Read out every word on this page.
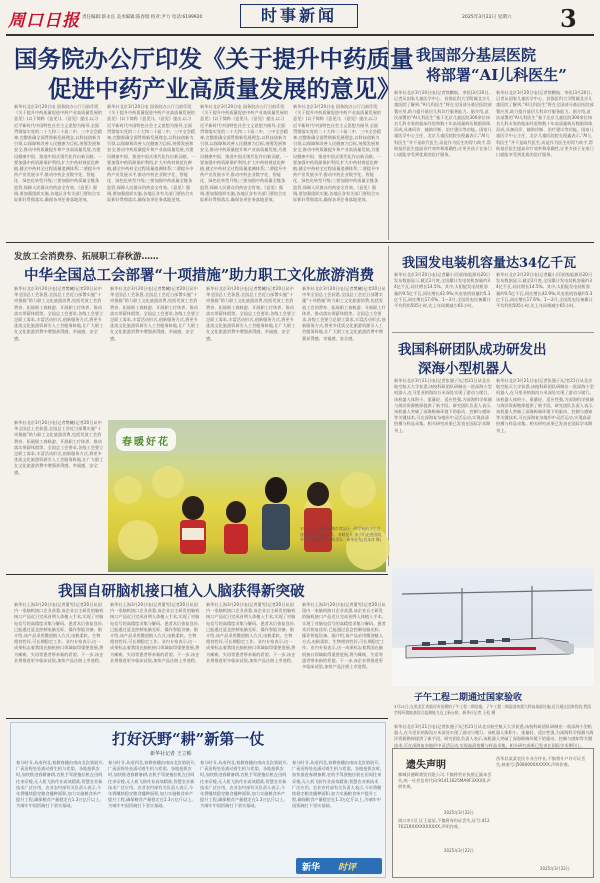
周口日报 责任编辑:蔡永良 美术编辑:陈春瑞 校对:尹力 电话:6199920	时事新闻	2025年3月22日 星期六 3
国务院办公厅印发《关于提升中药质量
促进中药产业高质量发展的意见》
新华社北京3月20日电 国务院办公厅日前印发《关于提升中药质量促进中药产业高质量发展的意见》(以下简称《意见》)。《意见》提出,以习近平新时代中国特色社会主义思想为指导,全面贯彻落实党的二十大和二十届二中、三中全会精神,完整准确全面贯彻新发展理念,以科技创新为引领,以保障和改善人民健康为目标,统筹发展和安全,推动中药质量提升和产业高质量发展,为建设健康中国、推进中国式现代化作出新贡献。一要加强中药资源保护利用,扩大中药材规范化种植,健全中药材全过程质量追溯体系;二要提升中药产业发展水平,推动中药企业数字化、智能化、绿色化转型升级;三要加强中药质量全链条监管,保障人民群众用药安全有效。《意见》强调,要加强组织实施,各地区各有关部门要结合实际抓好贯彻落实,确保各项任务落地见效。
新华社北京3月20日电 国务院办公厅日前印发《关于提升中药质量促进中药产业高质量发展的意见》(以下简称《意见》)。《意见》提出,以习近平新时代中国特色社会主义思想为指导,全面贯彻落实党的二十大和二十届二中、三中全会精神,完整准确全面贯彻新发展理念,以科技创新为引领,以保障和改善人民健康为目标,统筹发展和安全,推动中药质量提升和产业高质量发展,为建设健康中国、推进中国式现代化作出新贡献。一要加强中药资源保护利用,扩大中药材规范化种植,健全中药材全过程质量追溯体系;二要提升中药产业发展水平,推动中药企业数字化、智能化、绿色化转型升级;三要加强中药质量全链条监管,保障人民群众用药安全有效。《意见》强调,要加强组织实施,各地区各有关部门要结合实际抓好贯彻落实,确保各项任务落地见效。
新华社北京3月20日电 国务院办公厅日前印发《关于提升中药质量促进中药产业高质量发展的意见》(以下简称《意见》)。《意见》提出,以习近平新时代中国特色社会主义思想为指导,全面贯彻落实党的二十大和二十届二中、三中全会精神,完整准确全面贯彻新发展理念,以科技创新为引领,以保障和改善人民健康为目标,统筹发展和安全,推动中药质量提升和产业高质量发展,为建设健康中国、推进中国式现代化作出新贡献。一要加强中药资源保护利用,扩大中药材规范化种植,健全中药材全过程质量追溯体系;二要提升中药产业发展水平,推动中药企业数字化、智能化、绿色化转型升级;三要加强中药质量全链条监管,保障人民群众用药安全有效。《意见》强调,要加强组织实施,各地区各有关部门要结合实际抓好贯彻落实,确保各项任务落地见效。
新华社北京3月20日电 国务院办公厅日前印发《关于提升中药质量促进中药产业高质量发展的意见》(以下简称《意见》)。《意见》提出,以习近平新时代中国特色社会主义思想为指导,全面贯彻落实党的二十大和二十届二中、三中全会精神,完整准确全面贯彻新发展理念,以科技创新为引领,以保障和改善人民健康为目标,统筹发展和安全,推动中药质量提升和产业高质量发展,为建设健康中国、推进中国式现代化作出新贡献。一要加强中药资源保护利用,扩大中药材规范化种植,健全中药材全过程质量追溯体系;二要提升中药产业发展水平,推动中药企业数字化、智能化、绿色化转型升级;三要加强中药质量全链条监管,保障人民群众用药安全有效。《意见》强调,要加强组织实施,各地区各有关部门要结合实际抓好贯彻落实,确保各项任务落地见效。
我国部分基层医院
将部署“AI儿科医生”
新华社北京3月20日电(记者徐鹏航、李恒)3月20日,记者从国家儿童医学中心、首都医科大学附属北京儿童医院了解到,“AI儿科医生”将在全国部分基层医院部署应用,助力提升基层儿科诊疗服务能力。据介绍,此次部署的“AI儿科医生”基于北京儿童医院300余位知名儿科专家的临床经验和数十年高质量病历数据训练而成,具备问诊、辅助诊断、治疗建议等功能。国家儿童医学中心主任、北京儿童医院院长倪鑫表示,“AI儿科医生”并不是取代医生,而是作为医生的得力助手,帮助基层医生提高诊疗效率和准确性,让更多孩子在家门口就能享受到优质的医疗服务。
新华社北京3月20日电(记者徐鹏航、李恒)3月20日,记者从国家儿童医学中心、首都医科大学附属北京儿童医院了解到,“AI儿科医生”将在全国部分基层医院部署应用,助力提升基层儿科诊疗服务能力。据介绍,此次部署的“AI儿科医生”基于北京儿童医院300余位知名儿科专家的临床经验和数十年高质量病历数据训练而成,具备问诊、辅助诊断、治疗建议等功能。国家儿童医学中心主任、北京儿童医院院长倪鑫表示,“AI儿科医生”并不是取代医生,而是作为医生的得力助手,帮助基层医生提高诊疗效率和准确性,让更多孩子在家门口就能享受到优质的医疗服务。
发放工会消费券、拓展职工春秋游……
中华全国总工会部署“十项措施”助力职工文化旅游消费
新华社北京3月20日电(记者樊曦)记者20日从中华全国总工会获悉,全国总工会近日部署实施“十项措施”助力职工文化旅游消费,包括发放工会消费券、拓展职工春秋游、开展职工疗休养、推动落实带薪休假等。全国总工会要求,各级工会要立足职工需求,丰富活动形式,创新服务方式,将更多优质文化旅游资源引入工会服务阵地,让广大职工在文化旅游消费中增强获得感、幸福感、安全感。
新华社北京3月20日电(记者樊曦)记者20日从中华全国总工会获悉,全国总工会近日部署实施“十项措施”助力职工文化旅游消费,包括发放工会消费券、拓展职工春秋游、开展职工疗休养、推动落实带薪休假等。全国总工会要求,各级工会要立足职工需求,丰富活动形式,创新服务方式,将更多优质文化旅游资源引入工会服务阵地,让广大职工在文化旅游消费中增强获得感、幸福感、安全感。
新华社北京3月20日电(记者樊曦)记者20日从中华全国总工会获悉,全国总工会近日部署实施“十项措施”助力职工文化旅游消费,包括发放工会消费券、拓展职工春秋游、开展职工疗休养、推动落实带薪休假等。全国总工会要求,各级工会要立足职工需求,丰富活动形式,创新服务方式,将更多优质文化旅游资源引入工会服务阵地,让广大职工在文化旅游消费中增强获得感、幸福感、安全感。
新华社北京3月20日电(记者樊曦)记者20日从中华全国总工会获悉,全国总工会近日部署实施“十项措施”助力职工文化旅游消费,包括发放工会消费券、拓展职工春秋游、开展职工疗休养、推动落实带薪休假等。全国总工会要求,各级工会要立足职工需求,丰富活动形式,创新服务方式,将更多优质文化旅游资源引入工会服务阵地,让广大职工在文化旅游消费中增强获得感、幸福感、安全感。
我国发电装机容量达34亿千瓦
新华社北京3月20日电(记者戴小河)国家能源局20日发布数据显示,截至2月底,全国累计发电装机容量约34亿千瓦,同比增长14.5%。其中,太阳能发电装机容量约9.5亿千瓦,同比增长42.9%;风电装机容量约5.3亿千瓦,同比增长17.6%。1—2月,全国发电设备累计平均利用505小时,比上年同期减少65小时。
新华社北京3月20日电(记者戴小河)国家能源局20日发布数据显示,截至2月底,全国累计发电装机容量约34亿千瓦,同比增长14.5%。其中,太阳能发电装机容量约9.5亿千瓦,同比增长42.9%;风电装机容量约5.3亿千瓦,同比增长17.6%。1—2月,全国发电设备累计平均利用505小时,比上年同期减少65小时。
我国科研团队成功研发出
深海小型机器人
新华社北京3月21日电(记者张漫子)记者21日从北京航空航天大学获悉,该校科研团队研制出一款深海小型机器人,在马里亚纳海沟万米深处实现了游动与爬行。该机器人体积小、重量轻、适应性强,为深海科学探测与海洋资源勘探提供了新手段。研究团队负责人表示,该机器人突破了深海极端环境下的驱动、控制与感知等关键技术,可在深海复杂地形中灵活运动,实现高清拍摄与样品采集。相关研究成果已发表在国际学术期刊上。
新华社北京3月21日电(记者张漫子)记者21日从北京航空航天大学获悉,该校科研团队研制出一款深海小型机器人,在马里亚纳海沟万米深处实现了游动与爬行。该机器人体积小、重量轻、适应性强,为深海科学探测与海洋资源勘探提供了新手段。研究团队负责人表示,该机器人突破了深海极端环境下的驱动、控制与感知等关键技术,可在深海复杂地形中灵活运动,实现高清拍摄与样品采集。相关研究成果已发表在国际学术期刊上。
春暖好花
3月21日,安徽省芜湖市湾沚区一所学校的学生在油菜花田里描绘春天。春暖花开,孩子们走进田间,亲近自然,感受春天的美好。新华社发(肖本祥 摄)
新华社北京3月20日电(记者樊曦)记者20日从中华全国总工会获悉,全国总工会近日部署实施“十项措施”助力职工文化旅游消费,包括发放工会消费券、拓展职工春秋游、开展职工疗休养、推动落实带薪休假等。全国总工会要求,各级工会要立足职工需求,丰富活动形式,创新服务方式,将更多优质文化旅游资源引入工会服务阵地,让广大职工在文化旅游消费中增强获得感、幸福感、安全感。
我国自研脑机接口植入人脑获得新突破
新华社上海3月20日电(记者董雪)记者20日从国内一家脑机接口企业获悉,该企业自主研发的脑机接口产品近日完成首例人体植入手术,实现了对脑电信号的高精度采集与解码。患者术后恢复良好,已能通过意念控制电脑光标、操作智能设备。据介绍,该产品采用微创植入方式,电极柔软、生物相容性好,可长期稳定工作。业内专家表示,这一成果标志着我国在脑机接口领域取得重要进展,将为瘫痪、失语等患者带来新的希望。下一步,该企业将推进更多临床试验,加快产品注册上市进程。
新华社上海3月20日电(记者董雪)记者20日从国内一家脑机接口企业获悉,该企业自主研发的脑机接口产品近日完成首例人体植入手术,实现了对脑电信号的高精度采集与解码。患者术后恢复良好,已能通过意念控制电脑光标、操作智能设备。据介绍,该产品采用微创植入方式,电极柔软、生物相容性好,可长期稳定工作。业内专家表示,这一成果标志着我国在脑机接口领域取得重要进展,将为瘫痪、失语等患者带来新的希望。下一步,该企业将推进更多临床试验,加快产品注册上市进程。
新华社上海3月20日电(记者董雪)记者20日从国内一家脑机接口企业获悉,该企业自主研发的脑机接口产品近日完成首例人体植入手术,实现了对脑电信号的高精度采集与解码。患者术后恢复良好,已能通过意念控制电脑光标、操作智能设备。据介绍,该产品采用微创植入方式,电极柔软、生物相容性好,可长期稳定工作。业内专家表示,这一成果标志着我国在脑机接口领域取得重要进展,将为瘫痪、失语等患者带来新的希望。下一步,该企业将推进更多临床试验,加快产品注册上市进程。
新华社上海3月20日电(记者董雪)记者20日从国内一家脑机接口企业获悉,该企业自主研发的脑机接口产品近日完成首例人体植入手术,实现了对脑电信号的高精度采集与解码。患者术后恢复良好,已能通过意念控制电脑光标、操作智能设备。据介绍,该产品采用微创植入方式,电极柔软、生物相容性好,可长期稳定工作。业内专家表示,这一成果标志着我国在脑机接口领域取得重要进展,将为瘫痪、失语等患者带来新的希望。下一步,该企业将推进更多临床试验,加快产品注册上市进程。
子午工程二期通过国家验收
3月21日,在黑龙江省漠河市拍摄的子午工程二期设施。子午工程二期是国家重大科技基础设施,近日通过国家验收,我国空间环境地基综合监测能力迈上新台阶。新华社记者 王松 摄
新华社北京3月21日电(记者张漫子)记者21日从北京航空航天大学获悉,该校科研团队研制出一款深海小型机器人,在马里亚纳海沟万米深处实现了游动与爬行。该机器人体积小、重量轻、适应性强,为深海科学探测与海洋资源勘探提供了新手段。研究团队负责人表示,该机器人突破了深海极端环境下的驱动、控制与感知等关键技术,可在深海复杂地形中灵活运动,实现高清拍摄与样品采集。相关研究成果已发表在国际学术期刊上。
打好沃野“耕”新第一仗
新华社记者 王立彬
春分时节,从南到北,春耕春播由南向北次第展开,广袤田野处处涌动着生机与希望。各地抢抓农时,加快推进春耕备耕,农机手驾驶拖拉机在田间往来穿梭,无人机飞防作业高效精准,智慧农业新技术广泛应用。农业农村部有关负责人表示,今年将继续稳定粮食播种面积,加力实施粮食单产提升工程,确保粮食产量稳定在1.3万亿斤以上,为端牢中国饭碗打下坚实基础。
春分时节,从南到北,春耕春播由南向北次第展开,广袤田野处处涌动着生机与希望。各地抢抓农时,加快推进春耕备耕,农机手驾驶拖拉机在田间往来穿梭,无人机飞防作业高效精准,智慧农业新技术广泛应用。农业农村部有关负责人表示,今年将继续稳定粮食播种面积,加力实施粮食单产提升工程,确保粮食产量稳定在1.3万亿斤以上,为端牢中国饭碗打下坚实基础。
春分时节,从南到北,春耕春播由南向北次第展开,广袤田野处处涌动着生机与希望。各地抢抓农时,加快推进春耕备耕,农机手驾驶拖拉机在田间往来穿梭,无人机飞防作业高效精准,智慧农业新技术广泛应用。农业农村部有关负责人表示,今年将继续稳定粮食播种面积,加力实施粮食单产提升工程,确保粮食产量稳定在1.3万亿斤以上,为端牢中国饭碗打下坚实基础。
春分时节,从南到北,春耕春播由南向北次第展开,广袤田野处处涌动着生机与希望。各地抢抓农时,加快推进春耕备耕,农机手驾驶拖拉机在田间往来穿梭,无人机飞防作业高效精准,智慧农业新技术广泛应用。农业农村部有关负责人表示,今年将继续稳定粮食播种面积,加力实施粮食单产提升工程,确保粮食产量稳定在1.3万亿斤以上,为端牢中国饭碗打下坚实基础。
新华 时评
遗失声明
郸城县德晖商贸有限公司,不慎将营业执照正副本丢失,统一社会信用代码:91411625MA9F3XXXX,声明作废。
2025年3月22日
周口市川汇区王某某,不慎将身份证丢失,证号:41270219XXXXXXXXXX,声明作废。
2025年3月22日
西华县某某农民专业合作社,不慎将开户许可证丢失,核准号:J5080000XXXXX,声明作废。
2025年3月22日
